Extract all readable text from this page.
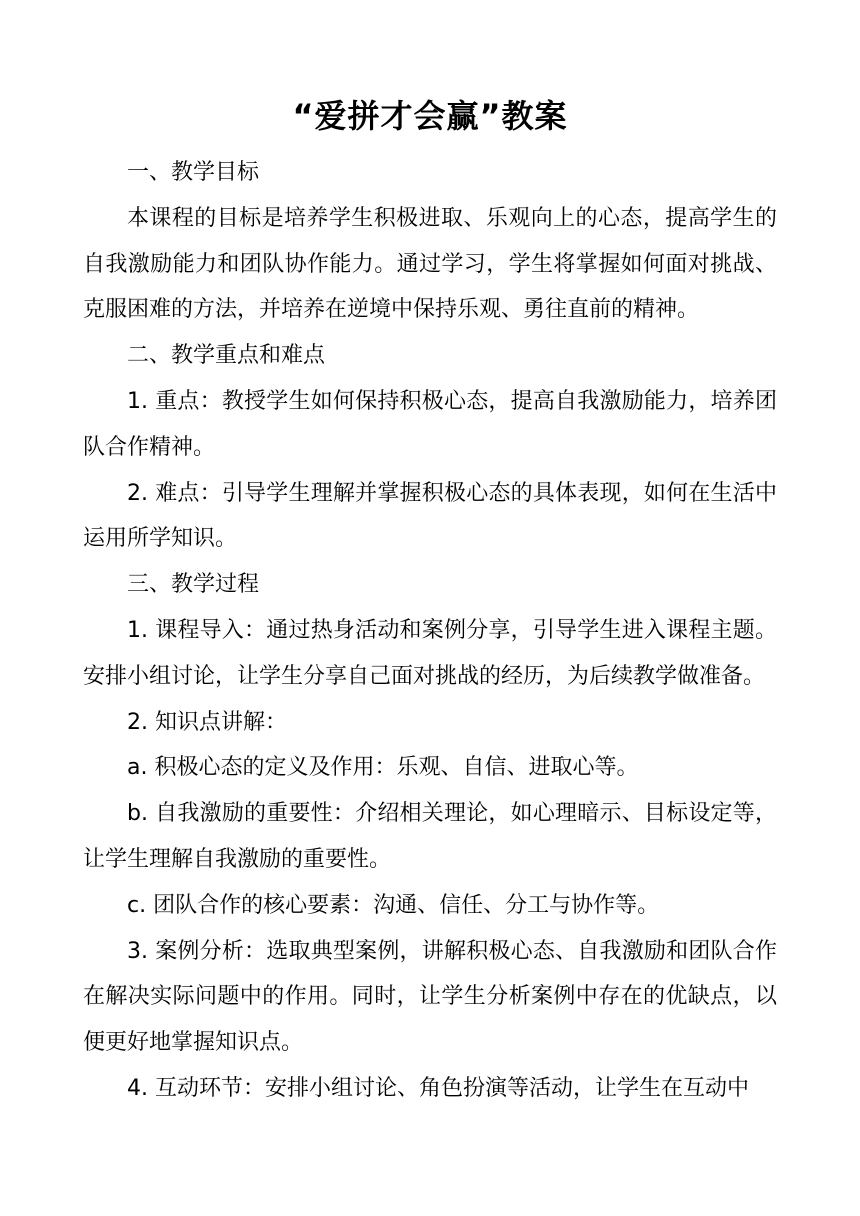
“爱拼才会赢”教案

一、教学目标

本课程的目标是培养学生积极进取、乐观向上的心态，提高学生的自我激励能力和团队协作能力。通过学习，学生将掌握如何面对挑战、克服困难的方法，并培养在逆境中保持乐观、勇往直前的精神。

二、教学重点和难点

1. 重点：教授学生如何保持积极心态，提高自我激励能力，培养团队合作精神。

2. 难点：引导学生理解并掌握积极心态的具体表现，如何在生活中运用所学知识。

三、教学过程

1. 课程导入：通过热身活动和案例分享，引导学生进入课程主题。安排小组讨论，让学生分享自己面对挑战的经历，为后续教学做准备。

2. 知识点讲解：

a. 积极心态的定义及作用：乐观、自信、进取心等。

b. 自我激励的重要性：介绍相关理论，如心理暗示、目标设定等，让学生理解自我激励的重要性。

c. 团队合作的核心要素：沟通、信任、分工与协作等。

3. 案例分析：选取典型案例，讲解积极心态、自我激励和团队合作在解决实际问题中的作用。同时，让学生分析案例中存在的优缺点，以便更好地掌握知识点。

4. 互动环节：安排小组讨论、角色扮演等活动，让学生在互动中
